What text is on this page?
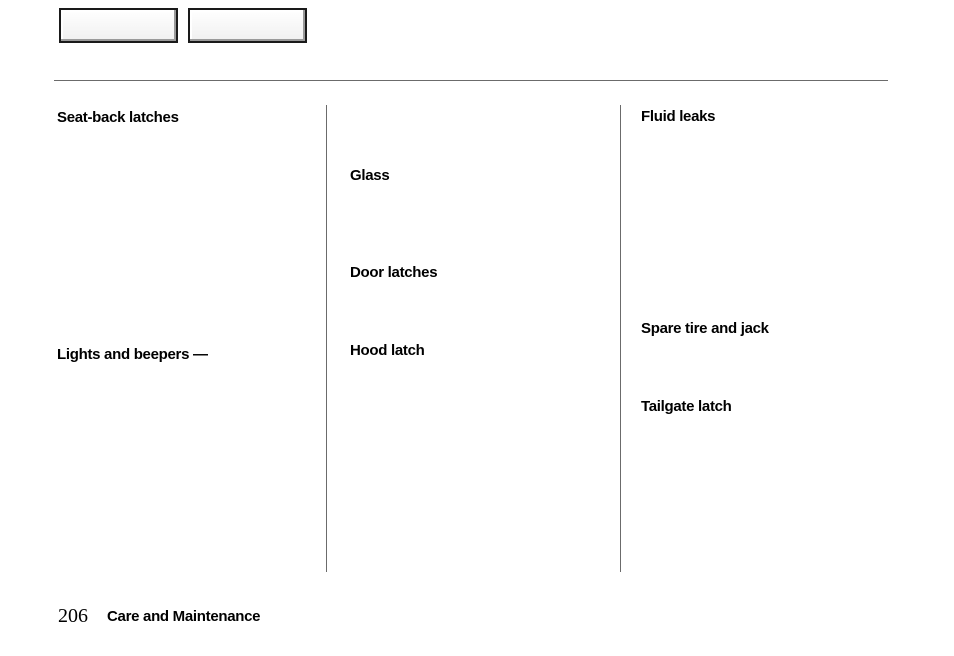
Seat-back latches
Lights and beepers —
Glass
Door latches
Hood latch
Fluid leaks
Spare tire and jack
Tailgate latch
206 Care and Maintenance
